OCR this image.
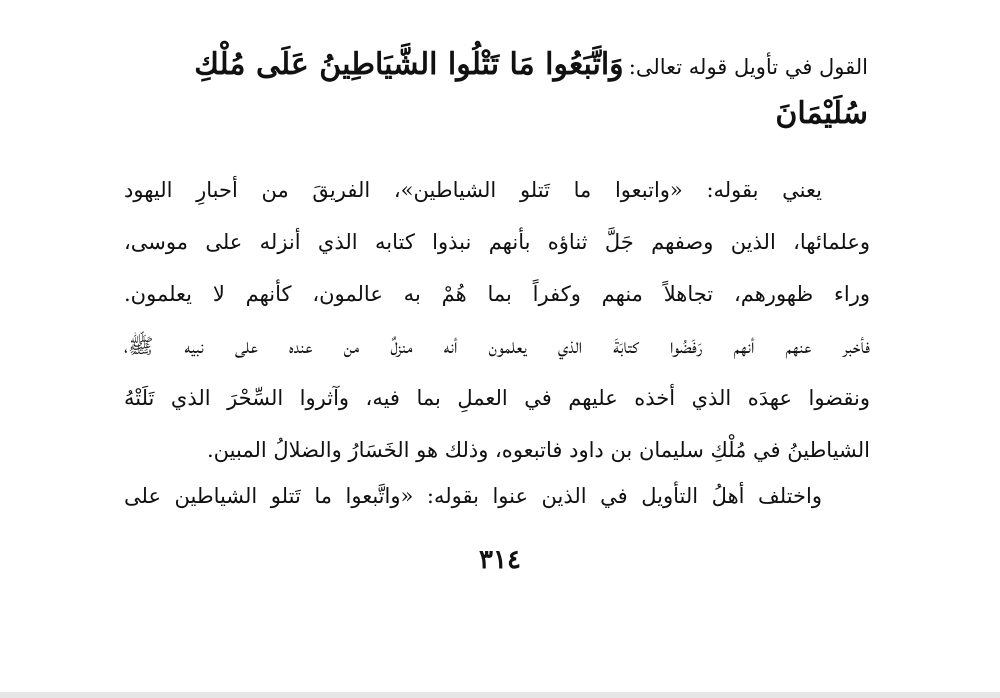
القول في تأويل قوله تعالى: وَاتَّبَعُوا مَا تَتْلُوا الشَّيَاطِينُ عَلَى مُلْكِ
سُلَيْمَانَ
يعني بقوله: «واتبعوا ما تَتلو الشياطين»، الفريقَ من أحبارِ اليهود
وعلمائها، الذين وصفهم جَلَّ ثناؤه بأنهم نبذوا كتابه الذي أنزله على موسى،
وراء ظهورهم، تجاهلاً منهم وكفراً بما هُمْ به عالمون، كأنهم لا يعلمون.
فأخبر عنهم أنهم رَفَضُوا كتابَةَ الذي يعلمون أنه منزلٌ من عنده على نبيه ﷺ،
ونقضوا عهدَه الذي أخذه عليهم في العملِ بما فيه، وآثروا السِّحْرَ الذي تَلَتْهُ
الشياطينُ في مُلْكِ سليمان بن داود فاتبعوه، وذلك هو الخَسَارُ والضلالُ المبين.
واختلف أهلُ التأويل في الذين عنوا بقوله: «واتَّبعوا ما تَتلو الشياطين على
٣١٤
